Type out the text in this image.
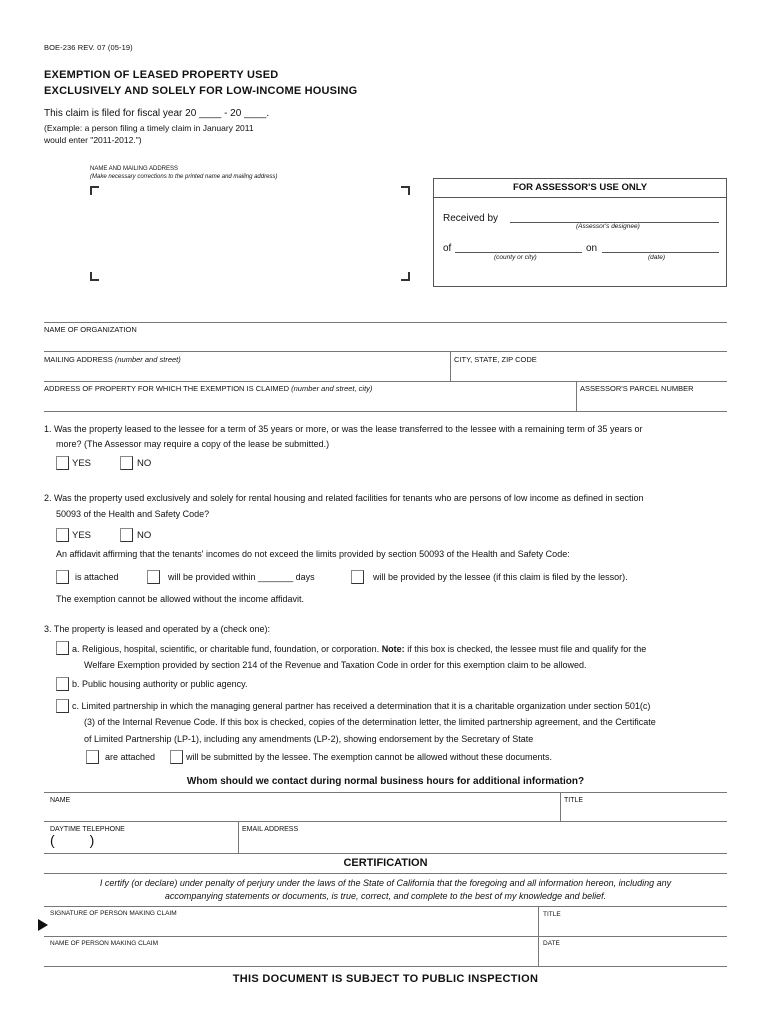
BOE-236 REV. 07 (05-19)
EXEMPTION OF LEASED PROPERTY USED
EXCLUSIVELY AND SOLELY FOR LOW-INCOME HOUSING
This claim is filed for fiscal year 20 ____ - 20 ____.
(Example: a person filing a timely claim in January 2011
would enter "2011-2012.")
NAME AND MAILING ADDRESS
(Make necessary corrections to the printed name and mailing address)
FOR ASSESSOR'S USE ONLY
Received by
(Assessor's designee)
of
(county or city)
on
(date)
NAME OF ORGANIZATION
MAILING ADDRESS (number and street)	CITY, STATE, ZIP CODE
ADDRESS OF PROPERTY FOR WHICH THE EXEMPTION IS CLAIMED (number and street, city)	ASSESSOR'S PARCEL NUMBER
1. Was the property leased to the lessee for a term of 35 years or more, or was the lease transferred to the lessee with a remaining term of 35 years or
more? (The Assessor may require a copy of the lease be submitted.)
YES	NO
2. Was the property used exclusively and solely for rental housing and related facilities for tenants who are persons of low income as defined in section
50093 of the Health and Safety Code?
YES	NO
An affidavit affirming that the tenants' incomes do not exceed the limits provided by section 50093 of the Health and Safety Code:
is attached	will be provided within _______ days	will be provided by the lessee (if this claim is filed by the lessor).
The exemption cannot be allowed without the income affidavit.
3. The property is leased and operated by a (check one):
a. Religious, hospital, scientific, or charitable fund, foundation, or corporation. Note: if this box is checked, the lessee must file and qualify for the
Welfare Exemption provided by section 214 of the Revenue and Taxation Code in order for this exemption claim to be allowed.
b. Public housing authority or public agency.
c. Limited partnership in which the managing general partner has received a determination that it is a charitable organization under section 501(c)
(3) of the Internal Revenue Code. If this box is checked, copies of the determination letter, the limited partnership agreement, and the Certificate
of Limited Partnership (LP-1), including any amendments (LP-2), showing endorsement by the Secretary of State
are attached	will be submitted by the lessee. The exemption cannot be allowed without these documents.
Whom should we contact during normal business hours for additional information?
NAME	TITLE
DAYTIME TELEPHONE
(         )
EMAIL ADDRESS
CERTIFICATION
I certify (or declare) under penalty of perjury under the laws of the State of California that the foregoing and all information hereon, including any
accompanying statements or documents, is true, correct, and complete to the best of my knowledge and belief.
SIGNATURE OF PERSON MAKING CLAIM	TITLE
NAME OF PERSON MAKING CLAIM	DATE
THIS DOCUMENT IS SUBJECT TO PUBLIC INSPECTION
